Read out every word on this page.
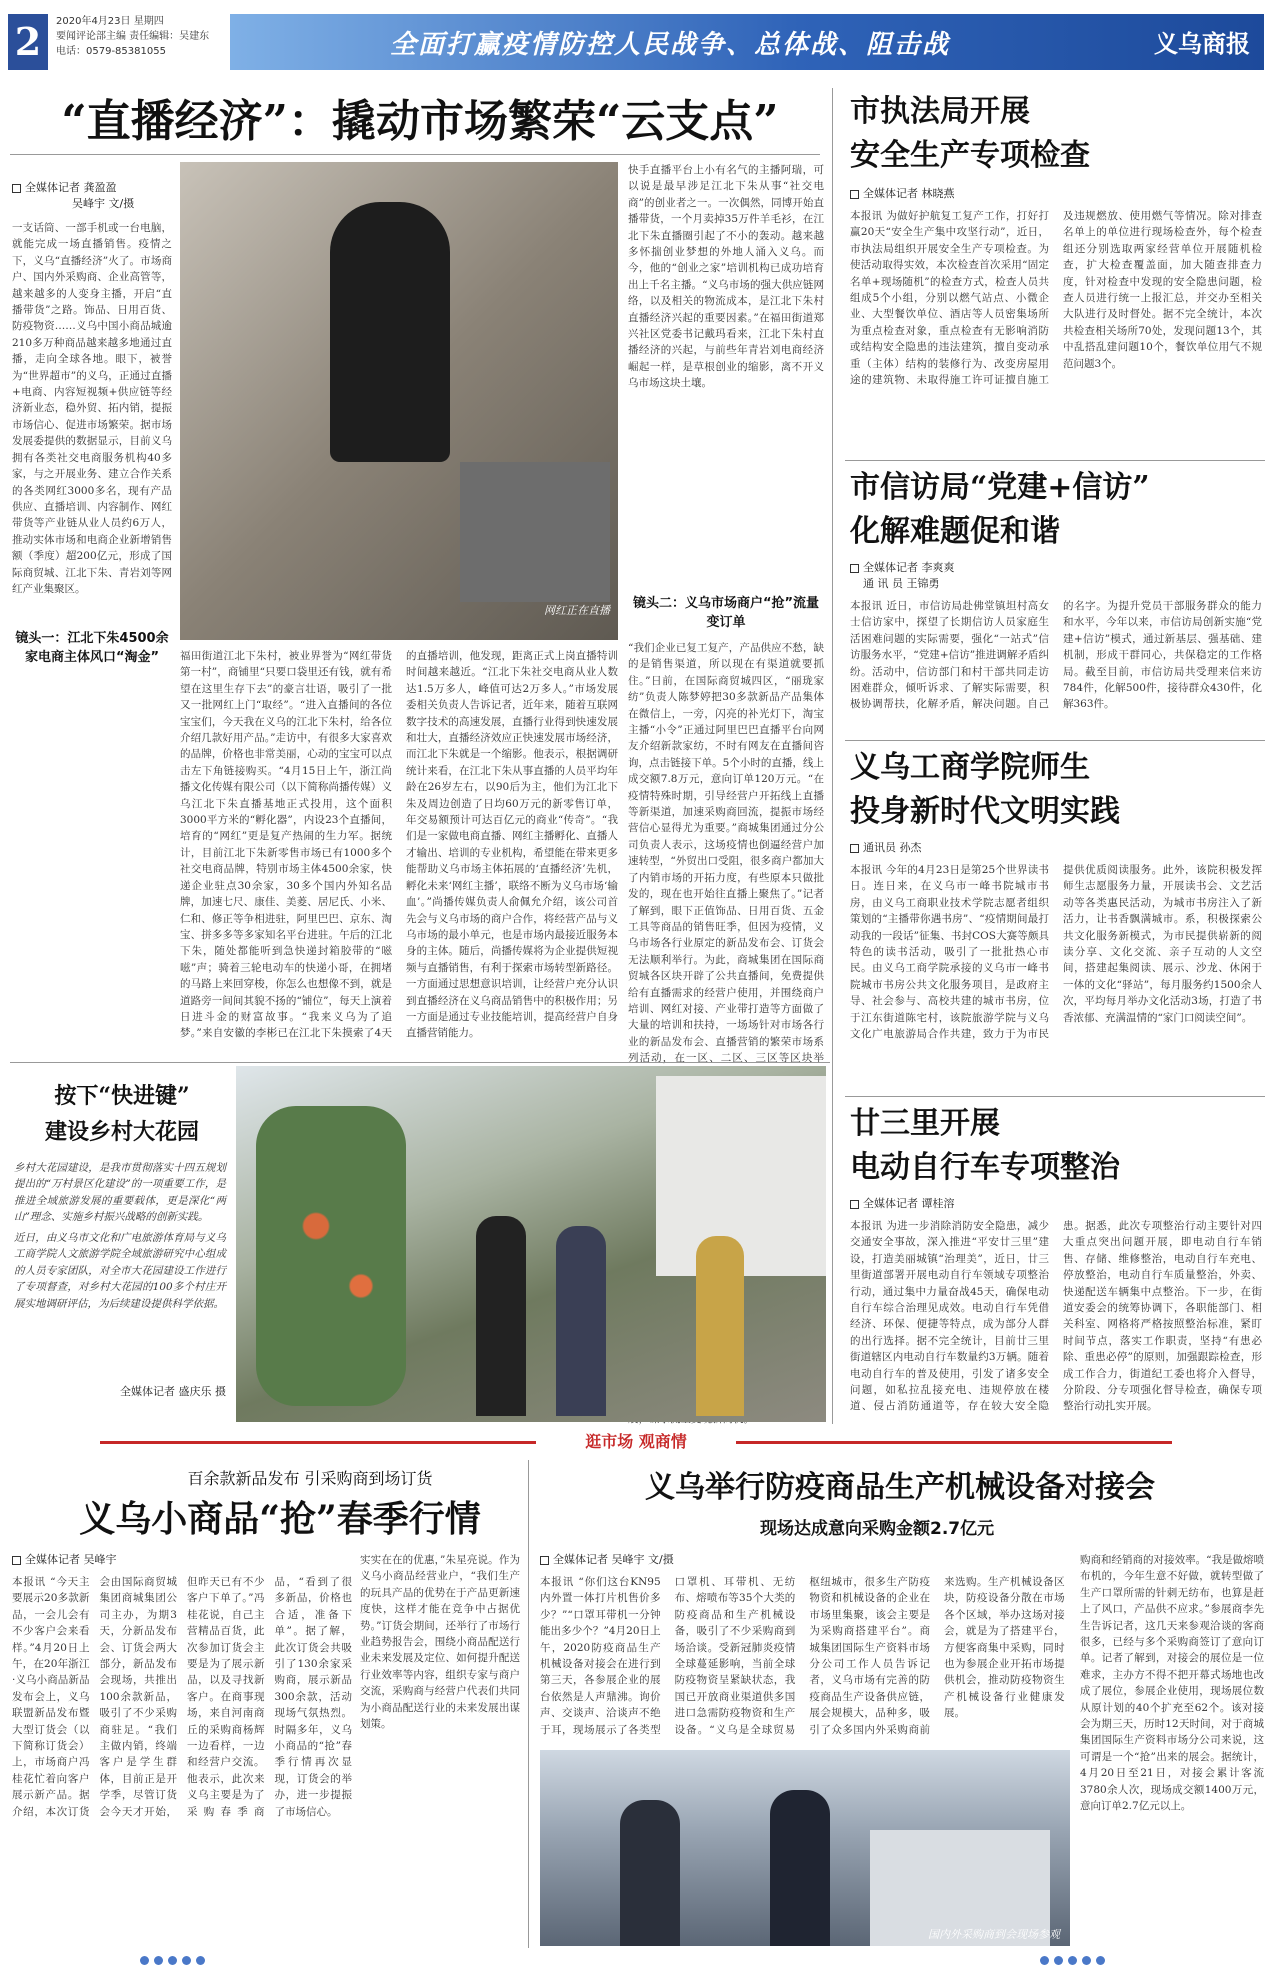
2	2020年4月23日 星期四
要闻评论部主编 责任编辑：吴建东
电话：0579-85381055	全面打赢疫情防控人民战争、总体战、阻击战	义乌商报
“直播经济”：撬动市场繁荣“云支点”
全媒体记者 龚盈盈
吴峰宇 文/摄
一支话筒、一部手机或一台电脑，就能完成一场直播销售。疫情之下，义乌“直播经济”火了。市场商户、国内外采购商、企业高管等，越来越多的人变身主播，开启“直播带货”之路。饰品、日用百货、防疫物资……义乌中国小商品城逾210多万种商品越来越多地通过直播，走向全球各地。眼下，被誉为“世界超市”的义乌，正通过直播+电商、内容短视频+供应链等经济新业态，稳外贸、拓内销，提振市场信心、促进市场繁荣。据市场发展委提供的数据显示，目前义乌拥有各类社交电商服务机构40多家，与之开展业务、建立合作关系的各类网红3000多名，现有产品供应、直播培训、内容制作、网红带货等产业链从业人员约6万人，推动实体市场和电商企业新增销售额（季度）超200亿元，形成了国际商贸城、江北下朱、青岩刘等网红产业集聚区。
镜头一：江北下朱4500余家电商主体风口“淘金”
网红正在直播
福田街道江北下朱村，被业界誉为“网红带货第一村”，商铺里“只要口袋里还有钱，就有希望在这里生存下去”的豪言壮语，吸引了一批又一批网红上门“取经”。“进入直播间的各位宝宝们，今天我在义乌的江北下朱村，给各位介绍几款好用产品。”走访中，有很多大家喜欢的品牌，价格也非常美丽，心动的宝宝可以点击左下角链接购买。“4月15日上午，浙江尚播文化传媒有限公司（以下简称尚播传媒）义乌江北下朱直播基地正式投用，这个面积3000平方米的“孵化器”，内设23个直播间，培育的“网红”更是复产热闹的生力军。据统计，目前江北下朱新零售市场已有1000多个社交电商品牌，特别市场主体4500余家，快递企业驻点30余家，30多个国内外知名品牌，加速七尺、康佳、美菱、居尼氏、小米、仁和、修正等争相进驻，阿里巴巴、京东、淘宝、拼多多等多家知名平台进驻。午后的江北下朱，随处都能听到急快递封箱胶带的“嗞嗞”声；骑着三轮电动车的快递小哥，在拥堵的马路上来回穿梭，你怎么也想像不到，就是道路旁一间间其貌不扬的“铺位”，每天上演着日进斗金的财富故事。“我来义乌为了追梦。”来自安徽的李彬已在江北下朱摸索了4天的直播培训，他发现，距离正式上岗直播特训时间越来越近。“江北下朱社交电商从业人数达1.5万多人，峰值可达2万多人。”市场发展委相关负责人告诉记者，近年来，随着互联网数字技术的高速发展，直播行业得到快速发展和壮大，直播经济效应正快速发展市场经济，而江北下朱就是一个缩影。他表示，根据调研统计来看，在江北下朱从事直播的人员平均年龄在26岁左右，以90后为主，他们为江北下朱及周边创造了日均60万元的新零售订单，年交易额预计可达百亿元的商业“传奇”。“我们是一家做电商直播、网红主播孵化、直播人才输出、培训的专业机构，希望能在带来更多能帮助义乌市场主体拓展的‘直播经济’先机，孵化未来‘网红主播’，联络不断为义乌市场‘输血’。”尚播传媒负责人俞佩允介绍，该公司首先会与义乌市场的商户合作，将经营产品与义乌市场的最小单元，也是市场内最接近服务本身的主体。随后，尚播传媒将为企业提供短视频与直播销售，有利于探索市场转型新路径。一方面通过思想意识培训，让经营户充分认识到直播经济在义乌商品销售中的积极作用；另一方面是通过专业技能培训，提高经营户自身直播营销能力。
快手直播平台上小有名气的主播阿瑞，可以说是最早涉足江北下朱从事“社交电商”的创业者之一。一次偶然，同博开始直播带货，一个月卖掉35万件羊毛衫，在江北下朱直播圈引起了不小的轰动。越来越多怀揣创业梦想的外地人涌入义乌。而今，他的“创业之家”培训机构已成功培育出上千名主播。“义乌市场的强大供应链网络，以及相关的物流成本，是江北下朱村直播经济兴起的重要因素。”在福田街道郑兴社区党委书记戴玛看来，江北下朱村直播经济的兴起，与前些年青岩刘电商经济崛起一样，是草根创业的缩影，离不开义乌市场这块土壤。
镜头二：义乌市场商户“抢”流量变订单
“我们企业已复工复产，产品供应不愁，缺的是销售渠道，所以现在有渠道就要抓住。”日前，在国际商贸城四区，“丽珑家纺”负责人陈梦婷把30多款新品产品集体在微信上，一旁，闪亮的补光灯下，淘宝主播“小令”正通过阿里巴巴直播平台向网友介绍新款家纺，不时有网友在直播间咨询，点击链接下单。5个小时的直播，线上成交额7.8万元，意向订单120万元。“在疫情特殊时期，引导经营户开拓线上直播等新渠道，加速采购商回流，提振市场经营信心显得尤为重要。”商城集团通过分公司负责人表示，这场疫情也倒逼经营户加速转型，“外贸出口受阻，很多商户都加大了内销市场的开拓力度，有些原本只做批发的，现在也开始往直播上聚焦了。”记者了解到，眼下正值饰品、日用百货、五金工具等商品的销售旺季，但因为疫情，义乌市场各行业原定的新品发布会、订货会无法顺利举行。为此，商城集团在国际商贸城各区块开辟了公共直播间，免费提供给有直播需求的经营户使用，并围绕商户培训、网红对接、产业带打造等方面做了大量的培训和扶持，一场场针对市场各行业的新品发布会、直播营销的繁荣市场系列活动，在一区、二区、三区等区块举
市执法局开展
安全生产专项检查
全媒体记者 林晓燕
本报讯 为做好护航复工复产工作，打好打赢20天“安全生产集中攻坚行动”，近日，市执法局组织开展安全生产专项检查。为使活动取得实效，本次检查首次采用“固定名单+现场随机”的检查方式，检查人员共组成5个小组，分别以燃气站点、小微企业、大型餐饮单位、酒店等人员密集场所为重点检查对象，重点检查有无影响消防或结构安全隐患的违法建筑，擅自变动承重（主体）结构的装修行为、改变房屋用途的建筑物、未取得施工许可证擅自施工及违规燃放、使用燃气等情况。除对排查名单上的单位进行现场检查外，每个检查组还分别选取两家经营单位开展随机检查，扩大检查覆盖面，加大随查排查力度，针对检查中发现的安全隐患问题，检查人员进行统一上报汇总，并交办至相关大队进行及时督处。据不完全统计，本次共检查相关场所70处，发现问题13个，其中乱搭乱建问题10个，餐饮单位用气不规范问题3个。
市信访局“党建+信访”
化解难题促和谐
全媒体记者 李爽爽
通 讯 员 王锦勇
本报讯 近日，市信访局赴佛堂镇坦村高女士信访家中，探望了长期信访人员家庭生活困难问题的实际需要，强化“一站式”信访服务水平，“党建+信访”推进调解矛盾纠纷。活动中，信访部门和村干部共同走访困难群众，倾听诉求、了解实际需要，积极协调帮扶，化解矛盾，解决问题。自己的名字。为提升党员干部服务群众的能力和水平，今年以来，市信访局创新实施“党建+信访”模式，通过新基层、强基础、建机制，形成干群同心，共保稳定的工作格局。截至目前，市信访局共受理来信来访784件，化解500件，接待群众430件，化解363件。
义乌工商学院师生
投身新时代文明实践
通讯员 孙杰
本报讯 今年的4月23日是第25个世界读书日。连日来，在义乌市一峰书院城市书房，由义乌工商职业技术学院志愿者组织策划的“主播带你遇书房”、“疫情期间最打动我的一段话”征集、书封COS大赛等颇具特色的读书活动，吸引了一批批热心市民。由义乌工商学院承接的义乌市一峰书院城市书房公共文化服务项目，是政府主导、社会参与、高校共建的城市书房，位于江东街道陈宅村，该院旅游学院与义乌文化广电旅游局合作共建，致力于为市民提供优质阅读服务。此外，该院积极发挥师生志愿服务力量，开展读书会、文艺活动等各类惠民活动，为城市书房注入了新活力，让书香飘满城市。系，积极探索公共文化服务新模式，为市民提供崭新的阅读分享、文化交流、亲子互动的人文空间，搭建起集阅读、展示、沙龙、休闲于一体的文化“驿站”，每月服务约1500余人次，平均每月举办文化活动3场，打造了书香浓郁、充满温情的“家门口阅读空间”。
廿三里开展
电动自行车专项整治
全媒体记者 谭桂溶
本报讯 为进一步消除消防安全隐患，减少交通安全事故，深入推进“平安廿三里”建设，打造美丽城镇“治理美”，近日，廿三里街道部署开展电动自行车领域专项整治行动，通过集中力量奋战45天，确保电动自行车综合治理见成效。电动自行车凭借经济、环保、便捷等特点，成为部分人群的出行选择。据不完全统计，目前廿三里街道辖区内电动自行车数量约3万辆。随着电动自行车的普及使用，引发了诸多安全问题，如私拉乱接充电、违规停放在楼道、侵占消防通道等，存在较大安全隐患。据悉，此次专项整治行动主要针对四大重点突出问题开展，即电动自行车销售、存储、维修整治，电动自行车充电、停放整治，电动自行车质量整治，外卖、快递配送车辆集中点整治。下一步，在街道安委会的统筹协调下，各职能部门、相关科室、网格将严格按照整治标准，紧盯时间节点，落实工作职责，坚持“有患必除、重患必停”的原则，加强跟踪检查，形成工作合力，街道纪工委也将介入督导，分阶段、分专项强化督导检查，确保专项整治行动扎实开展。
按下“快进键”
建设乡村大花园
乡村大花园建设，是我市贯彻落实十四五规划提出的“万村景区化建设”的一项重要工作，是推进全域旅游发展的重要载体，更是深化“两山”理念、实施乡村振兴战略的创新实践。
近日，由义乌市文化和广电旅游体育局与义乌工商学院人文旅游学院全域旅游研究中心组成的人员专家团队，对全市大花园建设工作进行了专项督查，对乡村大花园的100多个村庄开展实地调研评估，为后续建设提供科学依据。
全媒体记者 盛庆乐 摄
逛市场 观商情
百余款新品发布 引采购商到场订货
义乌小商品“抢”春季行情
全媒体记者 吴峰宇
本报讯 “今天主要展示20多款新品，一会儿会有不少客户会来看样。”4月20日上午，在20年浙江·义乌小商品新品发布会上，义乌联盟新品发布暨大型订货会（以下简称订货会）上，市场商户冯桂花忙着向客户展示新产品。据介绍，本次订货会由国际商贸城集团商城集团公司主办，为期3天，分新品发布会、订货会两大部分，新品发布会现场，共推出100余款新品，吸引了不少采购商驻足。“我们主做内销，终端客户是学生群体，目前正是开学季，尽管订货会今天才开始，但昨天已有不少客户下单了。”冯桂花说，自己主营精品百货，此次参加订货会主要是为了展示新品，以及寻找新客户。在商事现场，来自河南商丘的采购商杨辉一边看样，一边和经营户交流。他表示，此次来义乌主要是为了采购春季商品，“看到了很多新品，价格也合适，准备下单”。据了解，此次订货会共吸引了130余家采购商，展示新品300余款，活动现场气氛热烈。时隔多年，义乌小商品的“抢”春季行情再次显现，订货会的举办，进一步提振了市场信心。
实实在在的优惠，”朱星亮说。作为义乌小商品经营业户，“我们生产的玩具产品的优势在于产品更新速度快，这样才能在竞争中占据优势。”订货会期间，还举行了市场行业趋势报告会，围绕小商品配送行业未来发展及定位、如何提升配送行业效率等内容，组织专家与商户交流，采购商与经营户代表们共同为小商品配送行业的未来发展出谋划策。
义乌举行防疫商品生产机械设备对接会
现场达成意向采购金额2.7亿元
全媒体记者 吴峰宇 文/摄
本报讯 “你们这台KN95内外置一体打片机售价多少？”“口罩耳带机一分钟能出多少个？”4月20日上午，2020防疫商品生产机械设备对接会在进行到第三天，各参展企业的展台依然是人声鼎沸。询价声、交谈声、洽谈声不绝于耳，现场展示了各类型口罩机、耳带机、无纺布、熔喷布等35个大类的防疫商品和生产机械设备，吸引了不少采购商到场洽谈。受新冠肺炎疫情全球蔓延影响，当前全球防疫物资呈紧缺状态，我国已开放商业渠道供多国进口急需防疫物资和生产设备。“义乌是全球贸易枢纽城市，很多生产防疫物资和机械设备的企业在市场里集聚，该会主要是为采购商搭建平台”。商城集团国际生产资料市场分公司工作人员告诉记者，义乌市场有完善的防疫商品生产设备供应链，展会规模大，品种多，吸引了众多国内外采购商前来选购。生产机械设备区块，防疫设备分散在市场各个区域，举办这场对接会，就是为了搭建平台，方便客商集中采购，同时也为参展企业开拓市场提供机会，推动防疫物资生产机械设备行业健康发展。
购商和经销商的对接效率。“我是做熔喷布机的，今年生意不好做，就转型做了生产口罩所需的针刺无纺布，也算是赶上了风口，产品供不应求。”参展商李先生告诉记者，这几天来参观洽谈的客商很多，已经与多个采购商签订了意向订单。记者了解到，对接会的展位是一位难求，主办方不得不把开幕式场地也改成了展位，参展企业使用，现场展位数从原计划的40个扩充至62个。该对接会为期三天，历时12天时间，对于商城集团国际生产资料市场分公司来说，这可谓是一个“抢”出来的展会。据统计，4月20日至21日，对接会累计客流3780余人次，现场成交额1400万元，意向订单2.7亿元以上。
国内外采购商到会现场参观
